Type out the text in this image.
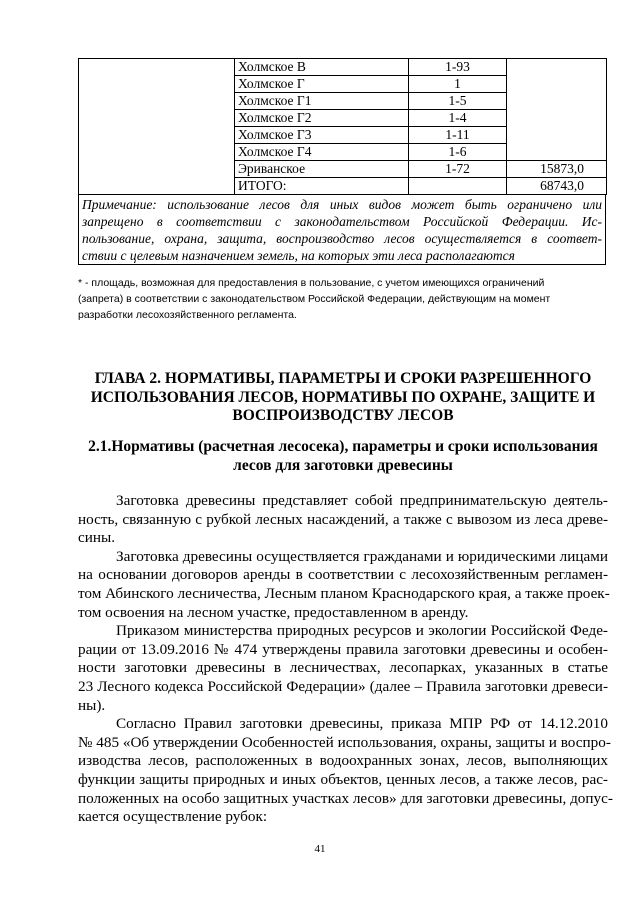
	Холмское В	1-93	
	Холмское Г	1	
	Холмское Г1	1-5	
	Холмское Г2	1-4	
	Холмское Г3	1-11	
	Холмское Г4	1-6	
	Эриванское	1-72	15873,0
	ИТОГО:		68743,0

Примечание: использование лесов для иных видов может быть ограничено или

запрещено в соответствии с законодательством Российской Федерации. Ис-

пользование, охрана, защита, воспроизводство лесов осуществляется в соответ-

ствии с целевым назначением земель, на которых эти леса располагаются

* - площадь, возможная для предоставления в пользование, с учетом имеющихся ограничений

(запрета) в соответствии с законодательством Российской Федерации, действующим на момент

разработки лесохозяйственного регламента.

ГЛАВА 2. НОРМАТИВЫ, ПАРАМЕТРЫ И СРОКИ РАЗРЕШЕННОГО

ИСПОЛЬЗОВАНИЯ ЛЕСОВ, НОРМАТИВЫ ПО ОХРАНЕ, ЗАЩИТЕ И

ВОСПРОИЗВОДСТВУ ЛЕСОВ

2.1.Нормативы (расчетная лесосека), параметры и сроки использования

лесов для заготовки древесины

Заготовка древесины представляет собой предпринимательскую деятель-
ность, связанную с рубкой лесных насаждений, а также с вывозом из леса древе-
сины.
Заготовка древесины осуществляется гражданами и юридическими лицами
на основании договоров аренды в соответствии с лесохозяйственным регламен-
том Абинского лесничества, Лесным планом Краснодарского края, а также проек-
том освоения на лесном участке, предоставленном в аренду.
Приказом министерства природных ресурсов и экологии Российской Феде-
рации от 13.09.2016 № 474 утверждены правила заготовки древесины и особен-
ности заготовки древесины в лесничествах, лесопарках, указанных в статье
23 Лесного кодекса Российской Федерации» (далее – Правила заготовки древеси-
ны).
Согласно Правил заготовки древесины, приказа МПР РФ от 14.12.2010
№ 485 «Об утверждении Особенностей использования, охраны, защиты и воспро-
изводства лесов, расположенных в водоохранных зонах, лесов, выполняющих
функции защиты природных и иных объектов, ценных лесов, а также лесов, рас-
положенных на особо защитных участках лесов» для заготовки древесины, допус-
кается осуществление рубок:
41
